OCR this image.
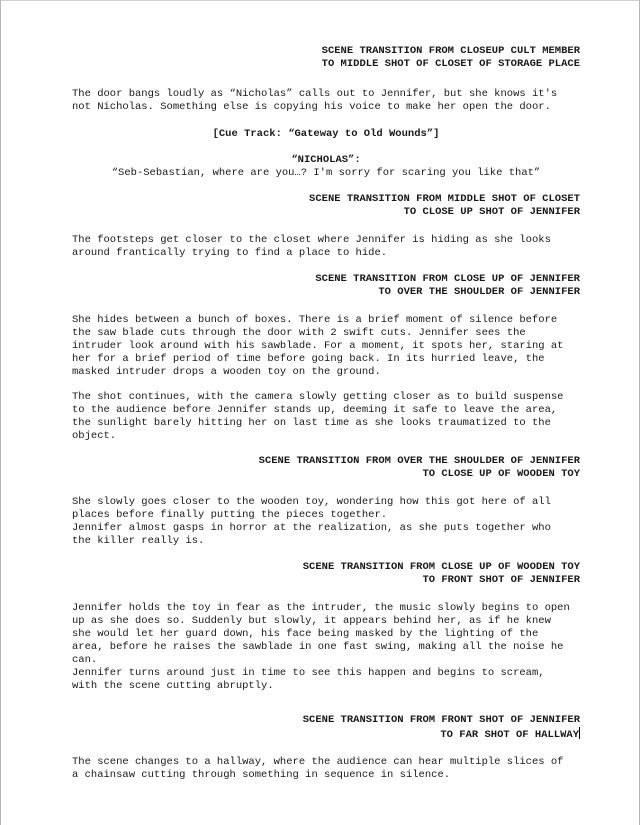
SCENE TRANSITION FROM CLOSEUP CULT MEMBER
TO MIDDLE SHOT OF CLOSET OF STORAGE PLACE

The door bangs loudly as “Nicholas” calls out to Jennifer, but she knows it's
not Nicholas. Something else is copying his voice to make her open the door.

[Cue Track: “Gateway to Old Wounds”]

“NICHOLAS”:

“Seb-Sebastian, where are you…? I'm sorry for scaring you like that”

SCENE TRANSITION FROM MIDDLE SHOT OF CLOSET
TO CLOSE UP SHOT OF JENNIFER

The footsteps get closer to the closet where Jennifer is hiding as she looks
around frantically trying to find a place to hide.

SCENE TRANSITION FROM CLOSE UP OF JENNIFER
TO OVER THE SHOULDER OF JENNIFER

She hides between a bunch of boxes. There is a brief moment of silence before
the saw blade cuts through the door with 2 swift cuts. Jennifer sees the
intruder look around with his sawblade. For a moment, it spots her, staring at
her for a brief period of time before going back. In its hurried leave, the
masked intruder drops a wooden toy on the ground.

The shot continues, with the camera slowly getting closer as to build suspense
to the audience before Jennifer stands up, deeming it safe to leave the area,
the sunlight barely hitting her on last time as she looks traumatized to the
object.

SCENE TRANSITION FROM OVER THE SHOULDER OF JENNIFER
TO CLOSE UP OF WOODEN TOY

She slowly goes closer to the wooden toy, wondering how this got here of all
places before finally putting the pieces together.
Jennifer almost gasps in horror at the realization, as she puts together who
the killer really is.

SCENE TRANSITION FROM CLOSE UP OF WOODEN TOY
TO FRONT SHOT OF JENNIFER

Jennifer holds the toy in fear as the intruder, the music slowly begins to open
up as she does so. Suddenly but slowly, it appears behind her, as if he knew
she would let her guard down, his face being masked by the lighting of the
area, before he raises the sawblade in one fast swing, making all the noise he
can.
Jennifer turns around just in time to see this happen and begins to scream,
with the scene cutting abruptly.

SCENE TRANSITION FROM FRONT SHOT OF JENNIFER
TO FAR SHOT OF HALLWAY

The scene changes to a hallway, where the audience can hear multiple slices of
a chainsaw cutting through something in sequence in silence.
